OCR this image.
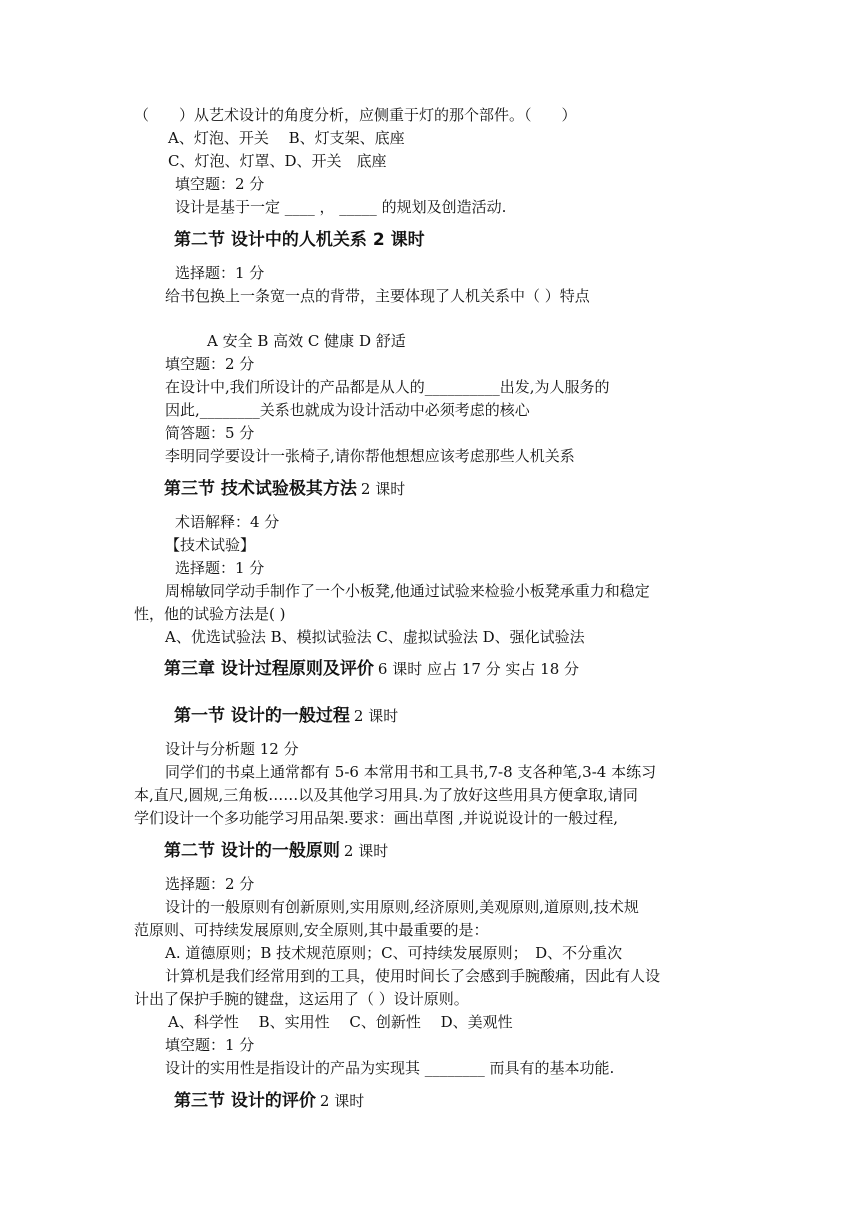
（　　）从艺术设计的角度分析，应侧重于灯的那个部件。（　　）
A、灯泡、开关　 B、灯支架、底座
C、灯泡、灯罩、D、开关　底座
填空题：2 分
设计是基于一定 ____ ， _____ 的规划及创造活动.
第二节 设计中的人机关系 2 课时
选择题：1 分
给书包换上一条宽一点的背带，主要体现了人机关系中（ ）特点
A 安全 B 高效 C 健康 D 舒适
填空题：2 分
在设计中,我们所设计的产品都是从人的__________出发,为人服务的
因此,________关系也就成为设计活动中必须考虑的核心
简答题：5 分
李明同学要设计一张椅子,请你帮他想想应该考虑那些人机关系
第三节 技术试验极其方法 2 课时
术语解释：4 分
【技术试验】
选择题：1 分
周棉敏同学动手制作了一个小板凳,他通过试验来检验小板凳承重力和稳定
性，他的试验方法是( )
A、优选试验法 B、模拟试验法 C、虚拟试验法 D、强化试验法
第三章 设计过程原则及评价 6 课时 应占 17 分 实占 18 分
第一节 设计的一般过程 2 课时
设计与分析题 12 分
同学们的书桌上通常都有 5-6 本常用书和工具书,7-8 支各种笔,3-4 本练习
本,直尺,圆规,三角板……以及其他学习用具.为了放好这些用具方便拿取,请同
学们设计一个多功能学习用品架.要求：画出草图 ,并说说设计的一般过程,
第二节 设计的一般原则 2 课时
选择题：2 分
设计的一般原则有创新原则,实用原则,经济原则,美观原则,道原则,技术规
范原则、可持续发展原则,安全原则,其中最重要的是：
A. 道德原则；B 技术规范原则；C、可持续发展原则；　D、不分重次
计算机是我们经常用到的工具，使用时间长了会感到手腕酸痛，因此有人设
计出了保护手腕的键盘，这运用了（ ）设计原则。
A、科学性　 B、实用性　 C、创新性　 D、美观性
填空题：1 分
设计的实用性是指设计的产品为实现其 ________ 而具有的基本功能.
第三节 设计的评价 2 课时
